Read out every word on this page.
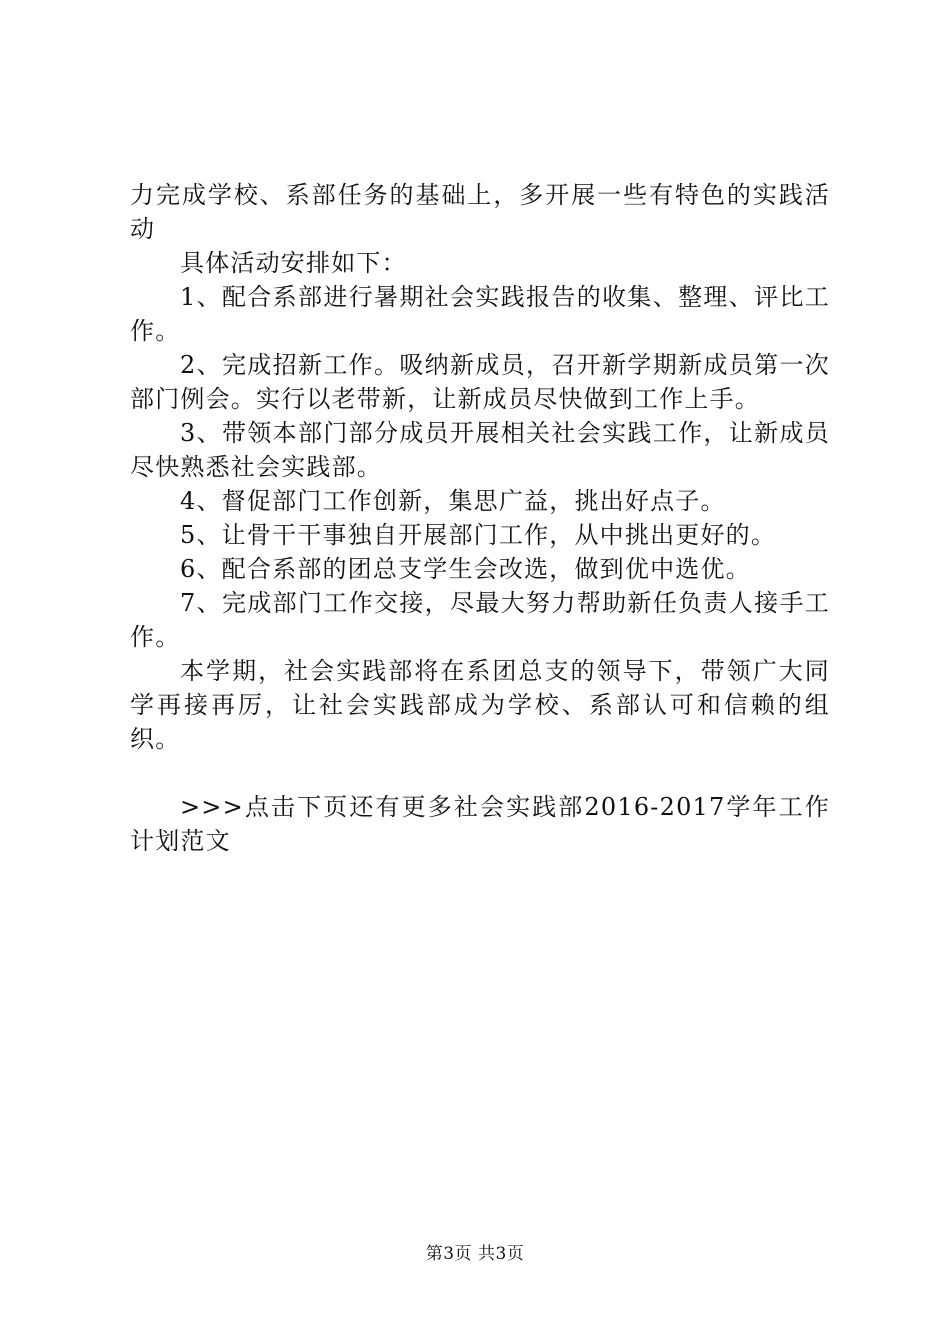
力完成学校、系部任务的基础上，多开展一些有特色的实践活动

具体活动安排如下：

1、配合系部进行暑期社会实践报告的收集、整理、评比工作。

2、完成招新工作。吸纳新成员，召开新学期新成员第一次部门例会。实行以老带新，让新成员尽快做到工作上手。

3、带领本部门部分成员开展相关社会实践工作，让新成员尽快熟悉社会实践部。

4、督促部门工作创新，集思广益，挑出好点子。

5、让骨干干事独自开展部门工作，从中挑出更好的。

6、配合系部的团总支学生会改选，做到优中选优。

7、完成部门工作交接，尽最大努力帮助新任负责人接手工作。

本学期，社会实践部将在系团总支的领导下，带领广大同学再接再厉，让社会实践部成为学校、系部认可和信赖的组织。

>>>点击下页还有更多社会实践部2016-2017学年工作计划范文

第3页 共3页
